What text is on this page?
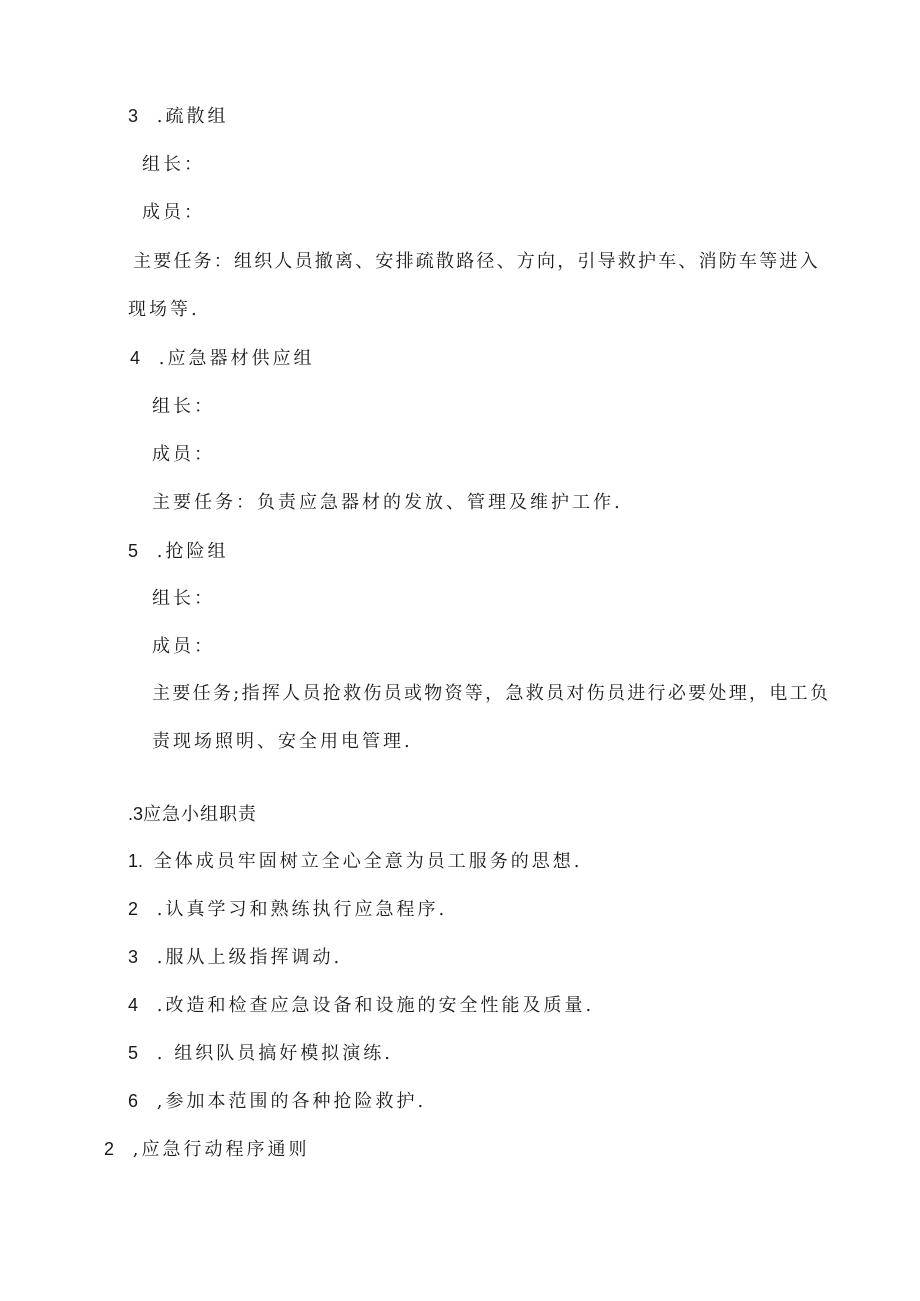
3 .疏散组
组长：
成员：
主要任务：组织人员撤离、安排疏散路径、方向，引导救护车、消防车等进入
现场等.
4 .应急器材供应组
组长：
成员：
主要任务：负责应急器材的发放、管理及维护工作.
5 .抢险组
组长：
成员：
主要任务;指挥人员抢救伤员或物资等，急救员对伤员进行必要处理，电工负
责现场照明、安全用电管理.
.3应急小组职责
1. 全体成员牢固树立全心全意为员工服务的思想.
2 .认真学习和熟练执行应急程序.
3 .服从上级指挥调动.
4 .改造和检查应急设备和设施的安全性能及质量.
5 . 组织队员搞好模拟演练.
6 ,参加本范围的各种抢险救护.
2 ,应急行动程序通则
